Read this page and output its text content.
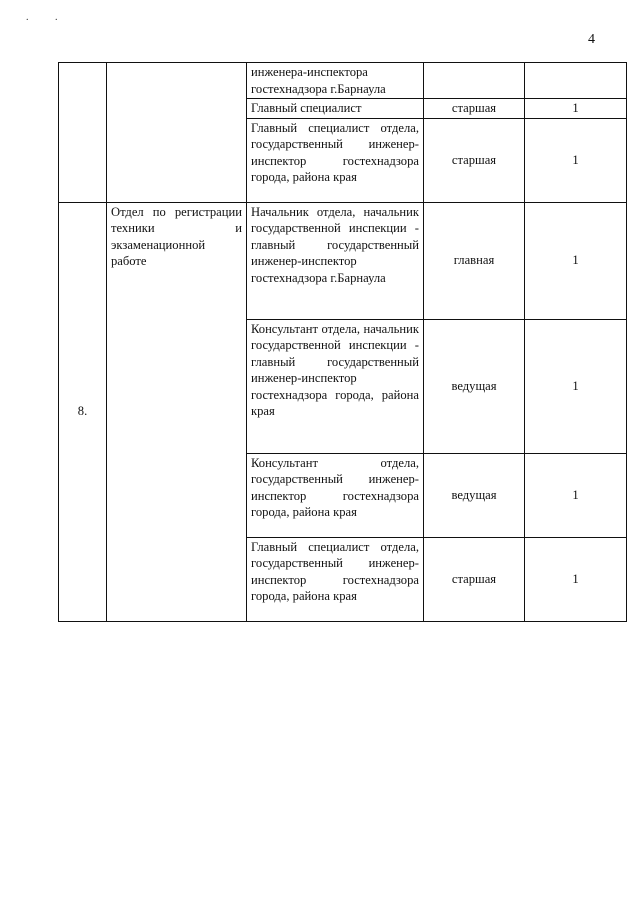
. .
4
		инженера-инспектора гостехнадзора г.Барнаула		
		Главный специалист	старшая	1
		Главный специалист отдела, государственный инженер-инспектор гостехнадзора города, района края	старшая	1
8.	Отдел по регистрации техники и экзаменационной работе	Начальник отдела, начальник государственной инспекции - главный государственный инженер-инспектор гостехнадзора г.Барнаула	главная	1
		Консультант отдела, начальник государственной инспекции - главный государственный инженер-инспектор гостехнадзора города, района края	ведущая	1
		Консультант отдела, государственный инженер-инспектор гостехнадзора города, района края	ведущая	1
		Главный специалист отдела, государственный инженер-инспектор гостехнадзора города, района края	старшая	1
